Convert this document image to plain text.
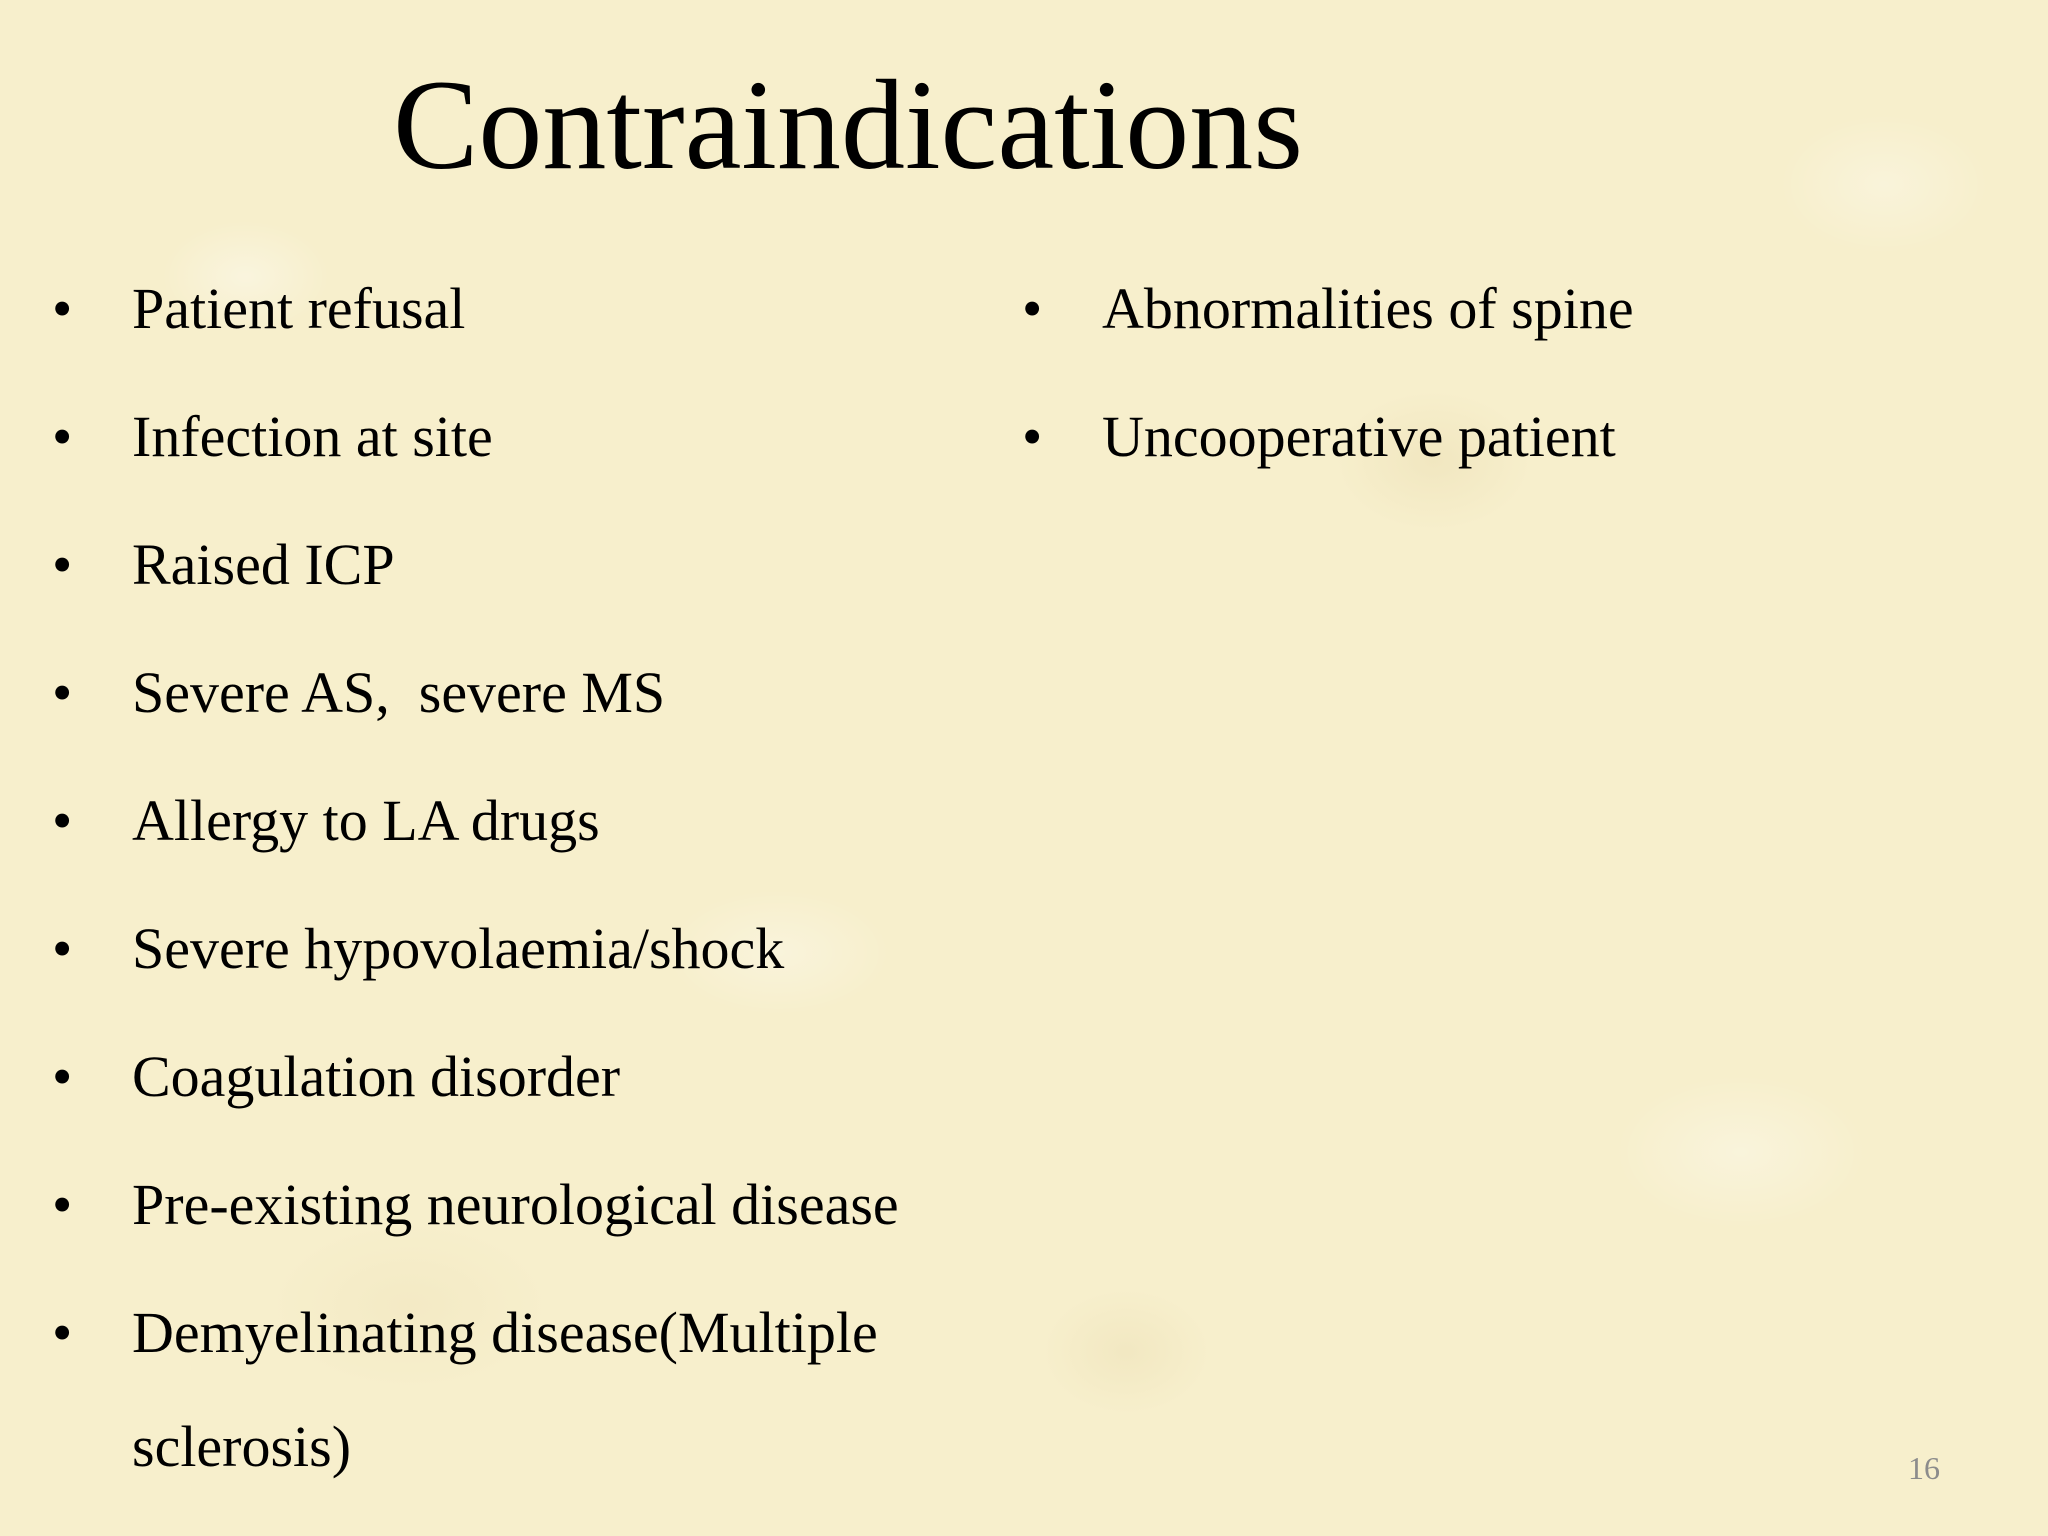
Contraindications
• Patient refusal
• Infection at site
• Raised ICP
• Severe AS,  severe MS
• Allergy to LA drugs
• Severe hypovolaemia/shock
• Coagulation disorder
• Pre-existing neurological disease
• Demyelinating disease(Multiple sclerosis)
• Abnormalities of spine
• Uncooperative patient
16
